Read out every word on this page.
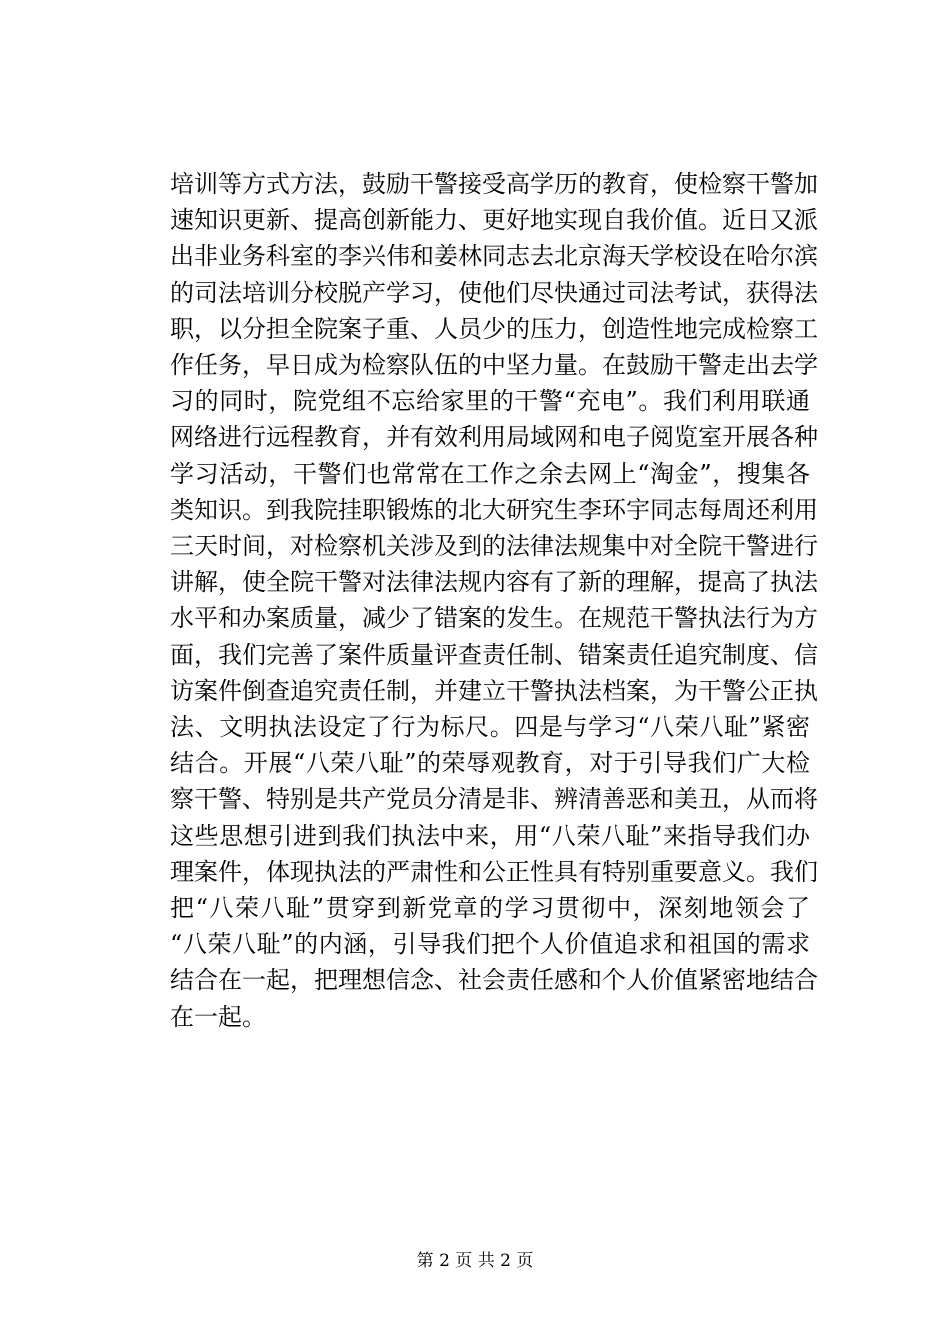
培训等方式方法，鼓励干警接受高学历的教育，使检察干警加
速知识更新、提高创新能力、更好地实现自我价值。近日又派
出非业务科室的李兴伟和姜林同志去北京海天学校设在哈尔滨
的司法培训分校脱产学习，使他们尽快通过司法考试，获得法
职，以分担全院案子重、人员少的压力，创造性地完成检察工
作任务，早日成为检察队伍的中坚力量。在鼓励干警走出去学
习的同时，院党组不忘给家里的干警“充电”。我们利用联通
网络进行远程教育，并有效利用局域网和电子阅览室开展各种
学习活动，干警们也常常在工作之余去网上“淘金”，搜集各
类知识。到我院挂职锻炼的北大研究生李环宇同志每周还利用
三天时间，对检察机关涉及到的法律法规集中对全院干警进行
讲解，使全院干警对法律法规内容有了新的理解，提高了执法
水平和办案质量，减少了错案的发生。在规范干警执法行为方
面，我们完善了案件质量评查责任制、错案责任追究制度、信
访案件倒查追究责任制，并建立干警执法档案，为干警公正执
法、文明执法设定了行为标尺。四是与学习“八荣八耻”紧密
结合。开展“八荣八耻”的荣辱观教育，对于引导我们广大检
察干警、特别是共产党员分清是非、辨清善恶和美丑，从而将
这些思想引进到我们执法中来，用“八荣八耻”来指导我们办
理案件，体现执法的严肃性和公正性具有特别重要意义。我们
把“八荣八耻”贯穿到新党章的学习贯彻中，深刻地领会了
“八荣八耻”的内涵，引导我们把个人价值追求和祖国的需求
结合在一起，把理想信念、社会责任感和个人价值紧密地结合
在一起。
第 2 页 共 2 页
